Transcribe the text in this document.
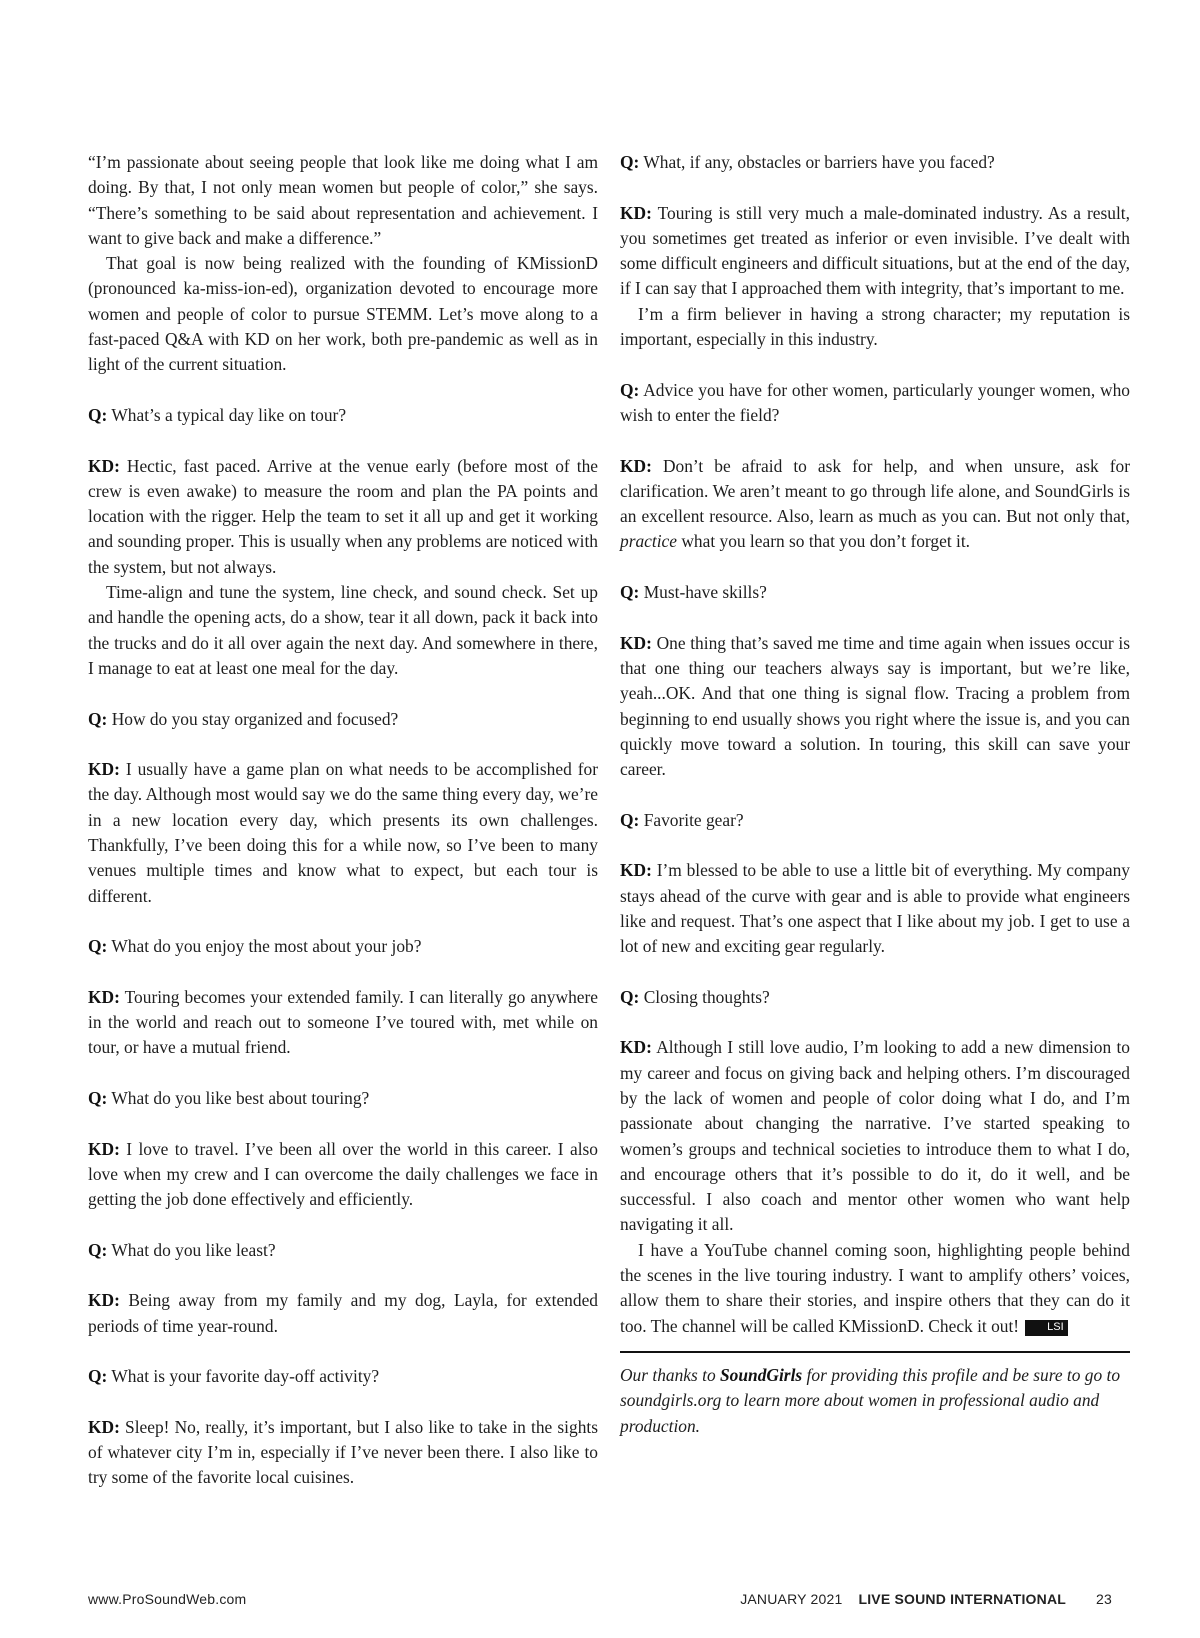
“I’m passionate about seeing people that look like me doing what I am doing. By that, I not only mean women but people of color,” she says. “There’s something to be said about representation and achievement. I want to give back and make a difference.”

That goal is now being realized with the founding of KMissionD (pronounced ka-miss-ion-ed), organization devoted to encourage more women and people of color to pursue STEMM. Let’s move along to a fast-paced Q&A with KD on her work, both pre-pandemic as well as in light of the current situation.

Q: What’s a typical day like on tour?

KD: Hectic, fast paced. Arrive at the venue early (before most of the crew is even awake) to measure the room and plan the PA points and location with the rigger. Help the team to set it all up and get it working and sounding proper. This is usually when any problems are noticed with the system, but not always.

Time-align and tune the system, line check, and sound check. Set up and handle the opening acts, do a show, tear it all down, pack it back into the trucks and do it all over again the next day. And somewhere in there, I manage to eat at least one meal for the day.

Q: How do you stay organized and focused?

KD: I usually have a game plan on what needs to be accomplished for the day. Although most would say we do the same thing every day, we’re in a new location every day, which presents its own challenges. Thankfully, I’ve been doing this for a while now, so I’ve been to many venues multiple times and know what to expect, but each tour is different.

Q: What do you enjoy the most about your job?

KD: Touring becomes your extended family. I can literally go anywhere in the world and reach out to someone I’ve toured with, met while on tour, or have a mutual friend.

Q: What do you like best about touring?

KD: I love to travel. I’ve been all over the world in this career. I also love when my crew and I can overcome the daily challenges we face in getting the job done effectively and efficiently.

Q: What do you like least?

KD: Being away from my family and my dog, Layla, for extended periods of time year-round.

Q: What is your favorite day-off activity?

KD: Sleep! No, really, it’s important, but I also like to take in the sights of whatever city I’m in, especially if I’ve never been there. I also like to try some of the favorite local cuisines.

Q: What, if any, obstacles or barriers have you faced?

KD: Touring is still very much a male-dominated industry. As a result, you sometimes get treated as inferior or even invisible. I’ve dealt with some difficult engineers and difficult situations, but at the end of the day, if I can say that I approached them with integrity, that’s important to me.

I’m a firm believer in having a strong character; my reputation is important, especially in this industry.

Q: Advice you have for other women, particularly younger women, who wish to enter the field?

KD: Don’t be afraid to ask for help, and when unsure, ask for clarification. We aren’t meant to go through life alone, and SoundGirls is an excellent resource. Also, learn as much as you can. But not only that, practice what you learn so that you don’t forget it.

Q: Must-have skills?

KD: One thing that’s saved me time and time again when issues occur is that one thing our teachers always say is important, but we’re like, yeah...OK. And that one thing is signal flow. Tracing a problem from beginning to end usually shows you right where the issue is, and you can quickly move toward a solution. In touring, this skill can save your career.

Q: Favorite gear?

KD: I’m blessed to be able to use a little bit of everything. My company stays ahead of the curve with gear and is able to provide what engineers like and request. That’s one aspect that I like about my job. I get to use a lot of new and exciting gear regularly.

Q: Closing thoughts?

KD: Although I still love audio, I’m looking to add a new dimension to my career and focus on giving back and helping others. I’m discouraged by the lack of women and people of color doing what I do, and I’m passionate about changing the narrative. I’ve started speaking to women’s groups and technical societies to introduce them to what I do, and encourage others that it’s possible to do it, do it well, and be successful. I also coach and mentor other women who want help navigating it all.

I have a YouTube channel coming soon, highlighting people behind the scenes in the live touring industry. I want to amplify others’ voices, allow them to share their stories, and inspire others that they can do it too. The channel will be called KMissionD. Check it out!	LSI

Our thanks to SoundGirls for providing this profile and be sure to go to soundgirls.org to learn more about women in professional audio and production.

www.ProSoundWeb.com	JANUARY 2021 LIVE SOUND INTERNATIONAL 23
